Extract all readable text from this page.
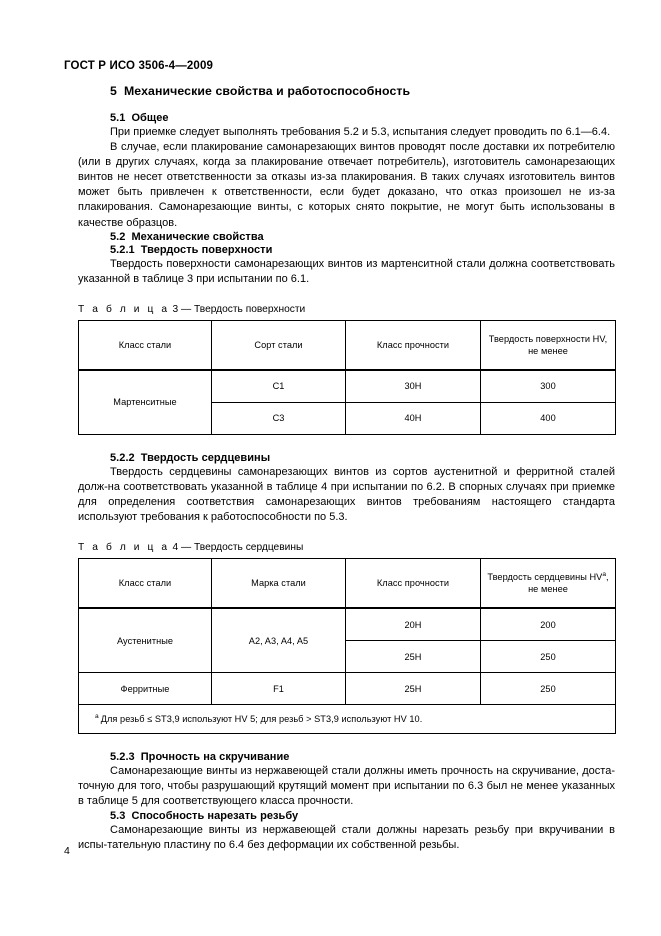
ГОСТ Р ИСО 3506-4—2009
5 Механические свойства и работоспособность
5.1 Общее

При приемке следует выполнять требования 5.2 и 5.3, испытания следует проводить по 6.1—6.4.

В случае, если плакирование самонарезающих винтов проводят после доставки их потребителю (или в других случаях, когда за плакирование отвечает потребитель), изготовитель самонарезающих винтов не несет ответственности за отказы из-за плакирования. В таких случаях изготовитель винтов может быть привлечен к ответственности, если будет доказано, что отказ произошел не из-за плакирования. Самонарезающие винты, с которых снято покрытие, не могут быть использованы в качестве образцов.

5.2 Механические свойства
5.2.1 Твердость поверхности

Твердость поверхности самонарезающих винтов из мартенситной стали должна соответствовать указанной в таблице 3 при испытании по 6.1.

Т а б л и ц а 3 — Твердость поверхности
Класс стали	Сорт стали	Класс прочности	Твердость поверхности HV,
не менее
Мартенситные	C1	30H	300
	C3	40H	400
5.2.2 Твердость сердцевины

Твердость сердцевины самонарезающих винтов из сортов аустенитной и ферритной сталей долж-на соответствовать указанной в таблице 4 при испытании по 6.2. В спорных случаях при приемке для определения соответствия самонарезающих винтов требованиям настоящего стандарта используют требования к работоспособности по 5.3.

Т а б л и ц а 4 — Твердость сердцевины
Класс стали	Марка стали	Класс прочности	Твердость сердцевины HV$^a$,
не менее
Аустенитные	A2, A3, A4, A5	20H	200
		25H	250
Ферритные	F1	25H	250
$^a$ Для резьб ≤ ST3,9 используют HV 5; для резьб > ST3,9 используют HV 10.			
5.2.3 Прочность на скручивание

Самонарезающие винты из нержавеющей стали должны иметь прочность на скручивание, доста-точную для того, чтобы разрушающий крутящий момент при испытании по 6.3 был не менее указанных в таблице 5 для соответствующего класса прочности.

5.3 Способность нарезать резьбу

Самонарезающие винты из нержавеющей стали должны нарезать резьбу при вкручивании в испы-тательную пластину по 6.4 без деформации их собственной резьбы.

4
